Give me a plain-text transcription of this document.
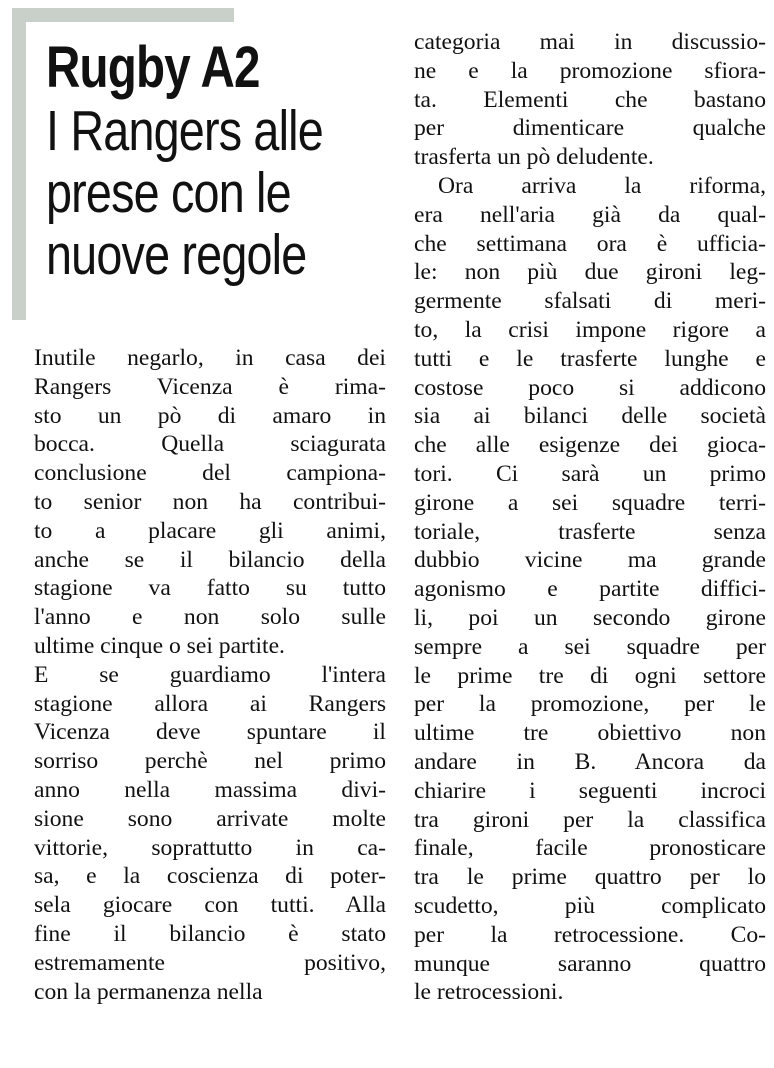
Rugby A2
I Rangers alle
prese con le
nuove regole
Inutile negarlo, in casa dei
Rangers Vicenza è rima-
sto un pò di amaro in
bocca. Quella sciagurata
conclusione del campiona-
to senior non ha contribui-
to a placare gli animi,
anche se il bilancio della
stagione va fatto su tutto
l'anno e non solo sulle
ultime cinque o sei partite.
E se guardiamo l'intera
stagione allora ai Rangers
Vicenza deve spuntare il
sorriso perchè nel primo
anno nella massima divi-
sione sono arrivate molte
vittorie, soprattutto in ca-
sa, e la coscienza di poter-
sela giocare con tutti. Alla
fine il bilancio è stato
estremamente positivo,
con la permanenza nella
categoria mai in discussio-
ne e la promozione sfiora-
ta. Elementi che bastano
per dimenticare qualche
trasferta un pò deludente.
Ora arriva la riforma,
era nell'aria già da qual-
che settimana ora è ufficia-
le: non più due gironi leg-
germente sfalsati di meri-
to, la crisi impone rigore a
tutti e le trasferte lunghe e
costose poco si addicono
sia ai bilanci delle società
che alle esigenze dei gioca-
tori. Ci sarà un primo
girone a sei squadre terri-
toriale, trasferte senza
dubbio vicine ma grande
agonismo e partite diffici-
li, poi un secondo girone
sempre a sei squadre per
le prime tre di ogni settore
per la promozione, per le
ultime tre obiettivo non
andare in B. Ancora da
chiarire i seguenti incroci
tra gironi per la classifica
finale, facile pronosticare
tra le prime quattro per lo
scudetto, più complicato
per la retrocessione. Co-
munque saranno quattro
le retrocessioni.
